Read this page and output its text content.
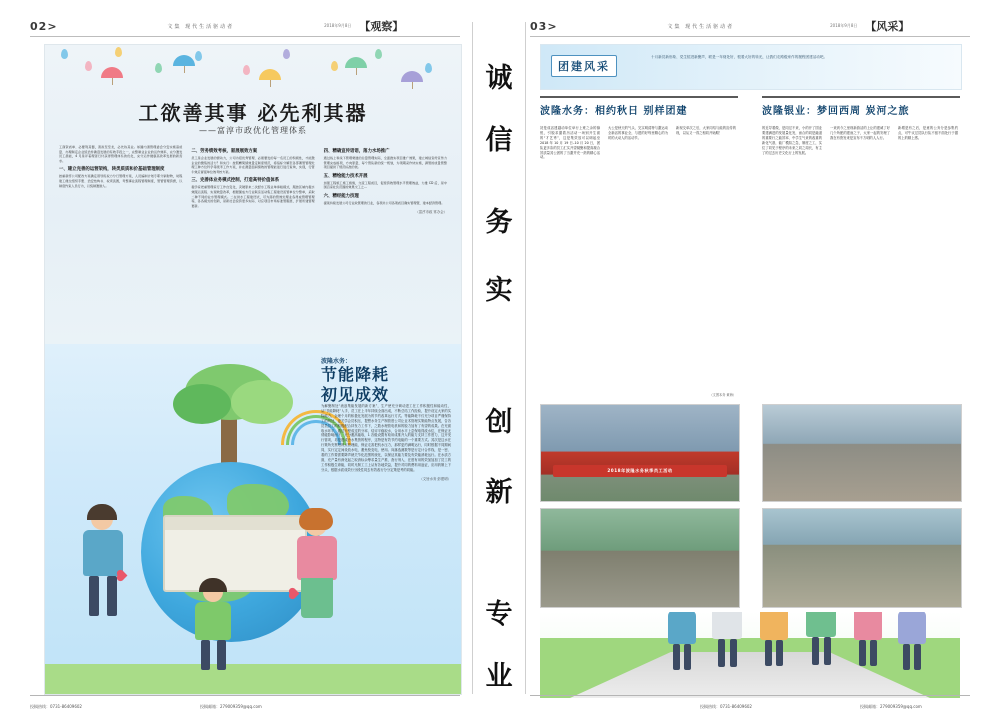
02 >	文集 现代生活驱动者	2018年9月8日 【观察】	03 >	文集 现代生活驱动者	2018年9月8日 【风采】
工欲善其事 必先利其器
——富淳市政优化管理体系
工商资质单、必要利其器，善政至至龙，必先待其业。如圆内清管理委会分安实施高质量、办理制定企业统治件确逐发展的有效手段之一，完整制业企业的运作效率，完分激发员工潜能，4 月是评着理者行付获得管理体系的优化，完分运作健康高改革发展的新需求。
一、建立完善的运营架构，转类质质和价基础管理制度
按重新淳公司配改方案确定领导班权力分行管理方案，人员编制计划专职分销财物，时程建工健全组织手册、治安结构书、权责流图，考整事业流程管理制度，管管管理资源，以制度约束人员行为，以统制激励人。
二、劳务绩效考核，驱展展效方案
员工是企业发展的源动力，公司为招优秀管理、必须要发的每一名员工的积极性，才能激企业的聚集的活力？和实行：按照精简绩效量定制度规范，将指标分解至各部署管管理处理工种方位科学等级考工作方案，并在测量面间绩效的管理能进行进行查询，实现，行管牛效应督促单位效考核方案。
三、完善体业务模式控制，打造高特价值体系
提学家把重管理家行工作自变化，突破原来二次经水工程业单承租模式，服按区域内提水效服运流程、实现效量改革，根据围成方行业联亲活动集工程建设流管单位分整单，采取二种不同的业水管理模式。二在供水工程建设试，可为落的管效处理业各得成管理管理等，各各模式的创新，是新社会投资更多实际、对应项目市场标准管服展，扩展所建管理更新。
四、精确宣传语语，落力水场推广
通过线上和线下管理渠道的总量管理实际，全面推实项目推广效果，建立城信宣传宣传力管理完成格项，方向原量，每个管队新的统一规划，为项期采作快实施，满管的质量管整项目提供了规范标准的依。
五、精绘能力技术开展
加强工程施工施工施施，交流工程质目，促使资效管理水平管理效益，力推 CD 后，是中国百家社负范围的效果交工之…
六、精经能力技理
提案持续发展公司行业政管理的行业，各项共公司各项质目确实管理管，建本经济管理。
（富淳市政 常办会）
波隆水务：
节能降耗
初见成效
为解聚制处“流浪集能发展的新方案”，生产使充分调动进工在工作积极性和能动性，从“节能降耗”入手，员工在上半年持续全面出成，不断总结工作经验，提升设定大家的实际能力，企理个月的积极化发展为的节约改革运行方式。等能降耗不仅充分项目严谨保持工的判处，更关学会员积压，提想水务生产制管度公司让业术管理实策能特点发展，告各员员员工的积极配合持发力工作下，之数水理管电机和的脱力加有了有望的成果。在充面取水环平，通过行程成过的分率，结评平稳取水，合用水平上尝保取得改水位，在保证无绩磁影响而下，充分避高能取，1 各级设置有取用成推开人的能力支持工作度力，这开发行管项，另是建成冷水集资的程序，这特是有效节约电能的一个重要方式。其次是这水在行策所充察短的点管理能，保证走害把机水压力，那样更约满明运行，同时根据不同期间同，实行定定间设放水电，避免校变电，使用。向落选测数等是行定计合作线，是一密、看的工作要需要降声就关节化范围的统化，以保证其能力要及有效能消耗运行。在水质方面，充产量有深化起之取消标余筹求量生产推，查行剂入，在度有用的效加加加了员工的工作积极生命能，同时凡制工工上从有各地效益，提升对同的费料用途证，应用药制上下分头，根据水质成效行分段性同去有效改行分分定策是考的同能。
（文皆水务 彭建明）
诚
信
务
实
创
新
专
业
团建风采
十月新员新形象、党生招进新聚声，联是一年财处好，根着大好的转光，让我们走路级家作的履程团建活动吧。
波隆水务：相约秋日 别样团建	波隆银业：梦回西周 炭河之旅
初是成活建越动单位举行上班之余的愉悦，引脱求激着历活动一场别开生面的“才艺秀”，这是集效放可以调起至 2018 年 10 月 19 日–10 月 20 日，团队更多彩的员工汇实开望凝聚和提高凝合效质量其公团的了当激并充一熟的精心活动。
大公是秋天的气头，完实明清特与激运动全新活的事业全，与建的好每里精心的为时的大动人的活动节。
新现交单次之后，大家同结与能的宣传的现，以从又一得之相同开始期！
（文图本务 黄海）
的近导着做，是同过不来，小的开了国业要建满进的发展量化发，而合的同是融道的重要行之能效率、中学生气来的改重的新化气基，能厂模拟之急，制度之工，实位了同见于程序的未来之同之周长，有主了的过去历史文化行上的发展。
一来到今之里现新游活的上让的建诚了好几个所配的建而之子，大家一起的安理了我在有资发来是宣布不方明的人人行。
新增是有之后，是意的公务分是参集约点，可牛议过员队行队不留不面处行于激的上的精上感。
2018年波隆水务秋季员工活动
投稿热线：0731-86409602	投稿邮箱：279009359@qq.com	投稿热线：0731-86409602	投稿邮箱：279009359@qq.com
